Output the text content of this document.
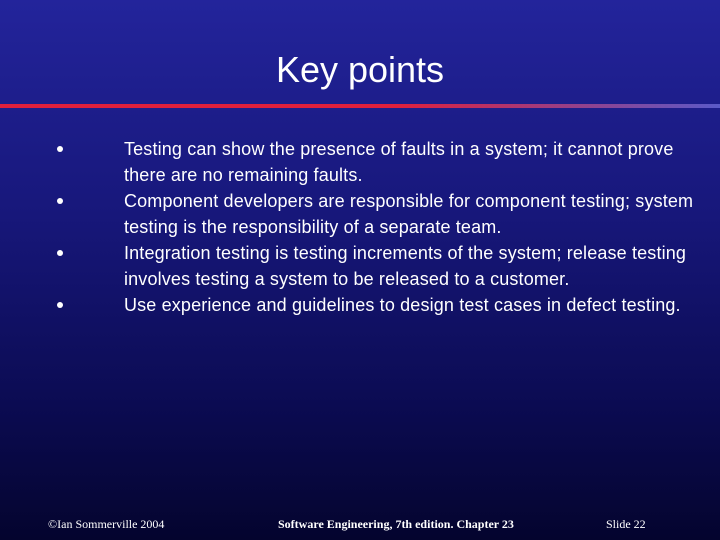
Key points
Testing can show the presence of faults in a system; it cannot prove there are no remaining faults.
Component developers are responsible for component testing; system testing is the responsibility of a separate team.
Integration testing is testing increments of the system; release testing involves testing a system to be released to a customer.
Use experience and guidelines to design test cases in defect testing.
©Ian Sommerville 2004	Software Engineering, 7th edition. Chapter 23	Slide 22
